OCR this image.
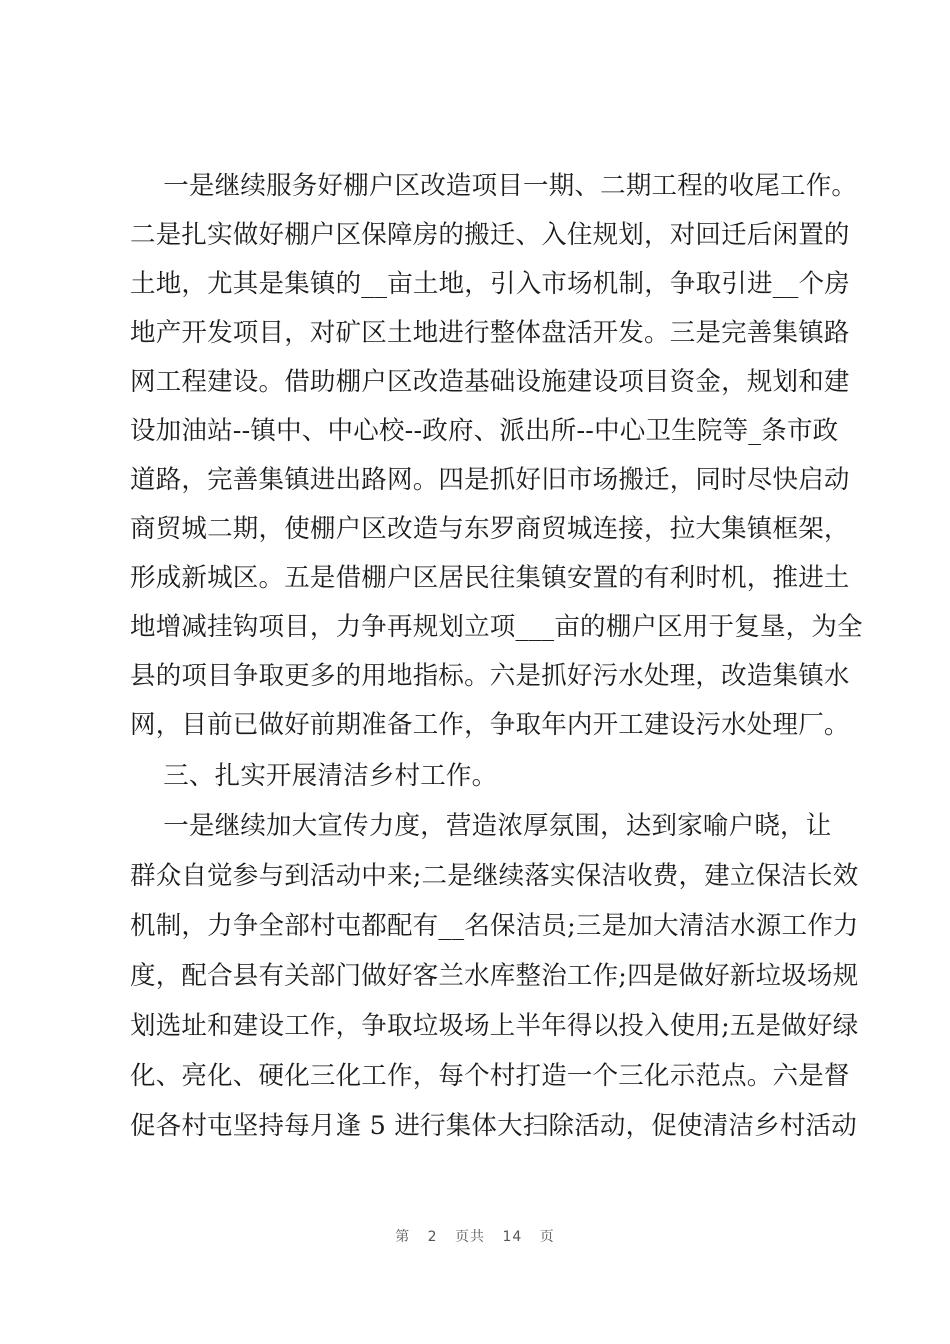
一是继续服务好棚户区改造项目一期、二期工程的收尾工作。
二是扎实做好棚户区保障房的搬迁、入住规划，对回迁后闲置的
土地，尤其是集镇的__亩土地，引入市场机制，争取引进__个房
地产开发项目，对矿区土地进行整体盘活开发。三是完善集镇路
网工程建设。借助棚户区改造基础设施建设项目资金，规划和建
设加油站--镇中、中心校--政府、派出所--中心卫生院等_条市政
道路，完善集镇进出路网。四是抓好旧市场搬迁，同时尽快启动
商贸城二期，使棚户区改造与东罗商贸城连接，拉大集镇框架，
形成新城区。五是借棚户区居民往集镇安置的有利时机，推进土
地增减挂钩项目，力争再规划立项___亩的棚户区用于复垦，为全
县的项目争取更多的用地指标。六是抓好污水处理，改造集镇水
网，目前已做好前期准备工作，争取年内开工建设污水处理厂。
三、扎实开展清洁乡村工作。
一是继续加大宣传力度，营造浓厚氛围，达到家喻户晓，让
群众自觉参与到活动中来;二是继续落实保洁收费，建立保洁长效
机制，力争全部村屯都配有__名保洁员;三是加大清洁水源工作力
度，配合县有关部门做好客兰水库整治工作;四是做好新垃圾场规
划选址和建设工作，争取垃圾场上半年得以投入使用;五是做好绿
化、亮化、硬化三化工作，每个村打造一个三化示范点。六是督
促各村屯坚持每月逢 5 进行集体大扫除活动，促使清洁乡村活动
第 2 页共 14 页
